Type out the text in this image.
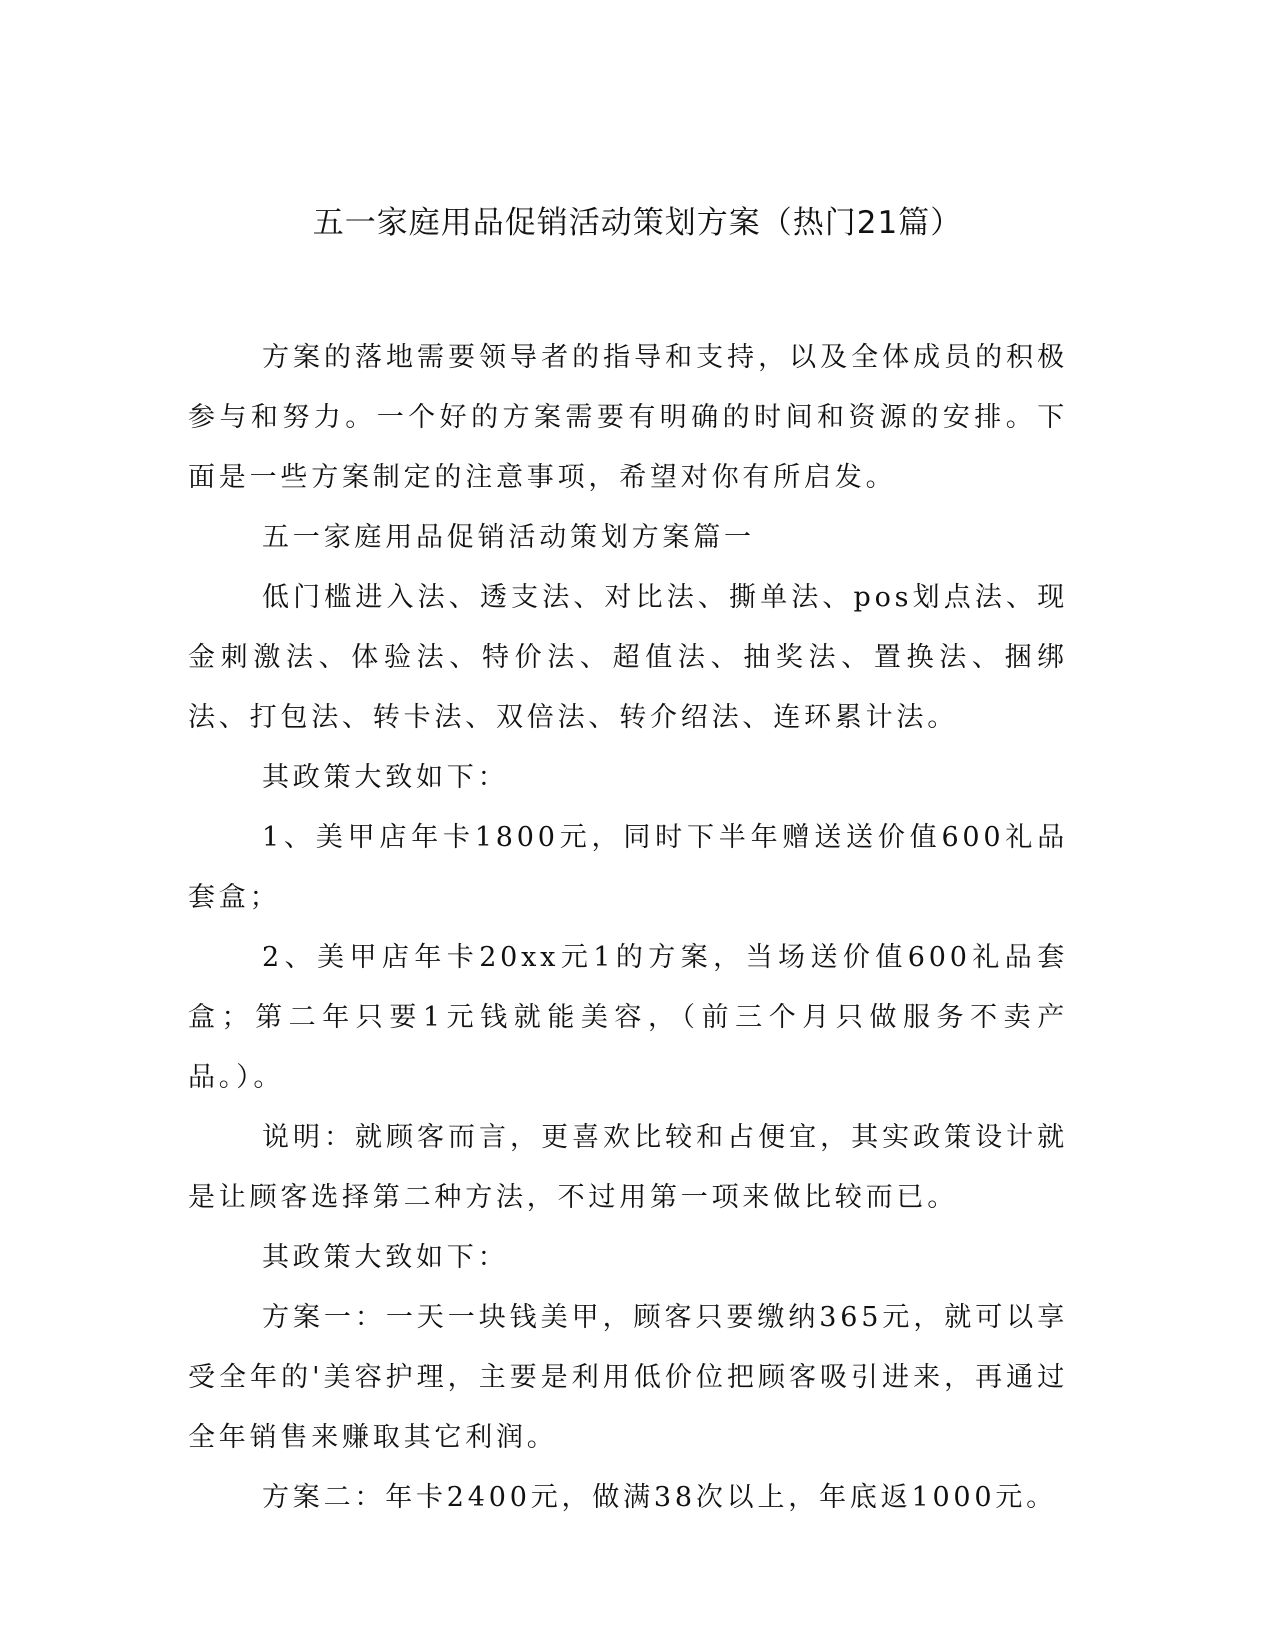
五一家庭用品促销活动策划方案（热门21篇）

方案的落地需要领导者的指导和支持，以及全体成员的积极参与和努力。一个好的方案需要有明确的时间和资源的安排。下面是一些方案制定的注意事项，希望对你有所启发。

五一家庭用品促销活动策划方案篇一

低门槛进入法、透支法、对比法、撕单法、pos划点法、现金刺激法、体验法、特价法、超值法、抽奖法、置换法、捆绑法、打包法、转卡法、双倍法、转介绍法、连环累计法。

其政策大致如下：

1、美甲店年卡1800元，同时下半年赠送送价值600礼品套盒；

2、美甲店年卡20xx元1的方案，当场送价值600礼品套盒；第二年只要1元钱就能美容，（前三个月只做服务不卖产品。）。

说明：就顾客而言，更喜欢比较和占便宜，其实政策设计就是让顾客选择第二种方法，不过用第一项来做比较而已。

其政策大致如下：

方案一：一天一块钱美甲，顾客只要缴纳365元，就可以享受全年的'美容护理，主要是利用低价位把顾客吸引进来，再通过全年销售来赚取其它利润。

方案二：年卡2400元，做满38次以上，年底返1000元。
